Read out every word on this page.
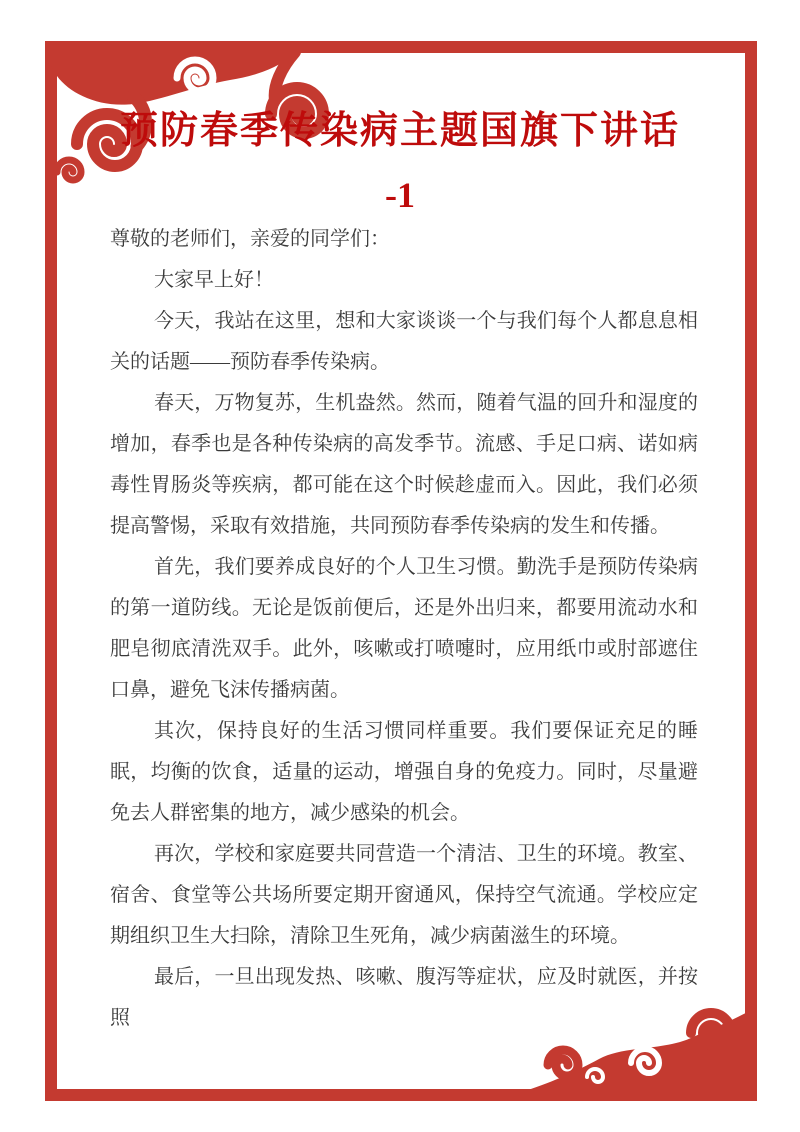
预防春季传染病主题国旗下讲话
-1

尊敬的老师们，亲爱的同学们：

大家早上好！

今天，我站在这里，想和大家谈谈一个与我们每个人都息息相关的话题——预防春季传染病。

春天，万物复苏，生机盎然。然而，随着气温的回升和湿度的增加，春季也是各种传染病的高发季节。流感、手足口病、诺如病毒性胃肠炎等疾病，都可能在这个时候趁虚而入。因此，我们必须提高警惕，采取有效措施，共同预防春季传染病的发生和传播。

首先，我们要养成良好的个人卫生习惯。勤洗手是预防传染病的第一道防线。无论是饭前便后，还是外出归来，都要用流动水和肥皂彻底清洗双手。此外，咳嗽或打喷嚏时，应用纸巾或肘部遮住口鼻，避免飞沫传播病菌。

其次，保持良好的生活习惯同样重要。我们要保证充足的睡眠，均衡的饮食，适量的运动，增强自身的免疫力。同时，尽量避免去人群密集的地方，减少感染的机会。

再次，学校和家庭要共同营造一个清洁、卫生的环境。教室、宿舍、食堂等公共场所要定期开窗通风，保持空气流通。学校应定期组织卫生大扫除，清除卫生死角，减少病菌滋生的环境。

最后，一旦出现发热、咳嗽、腹泻等症状，应及时就医，并按照
